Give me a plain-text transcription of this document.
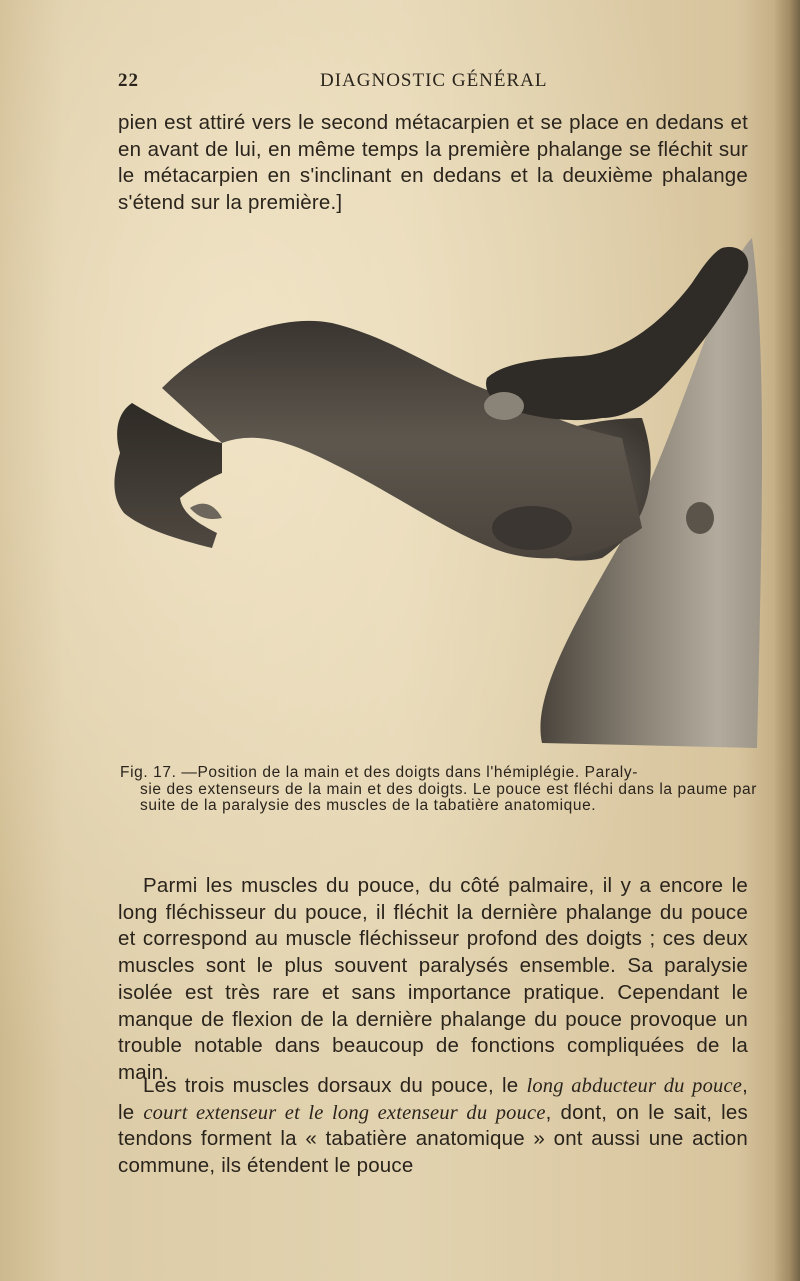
22	DIAGNOSTIC GÉNÉRAL
pien est attiré vers le second métacarpien et se place en dedans et en avant de lui, en même temps la première phalange se fléchit sur le métacarpien en s'inclinant en dedans et la deuxième phalange s'étend sur la première.]
Fig. 17. —Position de la main et des doigts dans l'hémiplégie. Paraly-
sie des extenseurs de la main et des doigts. Le pouce est fléchi dans la paume par suite de la paralysie des muscles de la tabatière anatomique.
Parmi les muscles du pouce, du côté palmaire, il y a encore le long fléchisseur du pouce, il fléchit la dernière phalange du pouce et correspond au muscle fléchisseur profond des doigts ; ces deux muscles sont le plus souvent paralysés ensemble. Sa paralysie isolée est très rare et sans importance pratique. Cependant le manque de flexion de la dernière phalange du pouce provoque un trouble notable dans beaucoup de fonctions compliquées de la main.
Les trois muscles dorsaux du pouce, le long abducteur du pouce, le court extenseur et le long extenseur du pouce, dont, on le sait, les tendons forment la « tabatière anatomique » ont aussi une action commune, ils étendent le pouce
